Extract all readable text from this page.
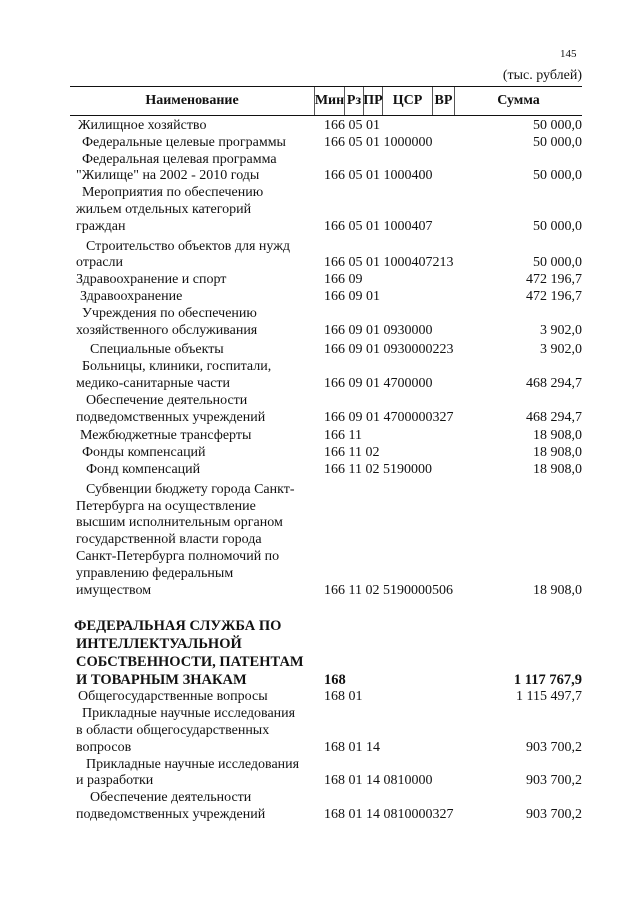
145
(тыс. рублей)
Наименование	Мин Рз ПР ЦСР ВР	Сумма
Жилищное хозяйство	166 05 01	50 000,0
Федеральные целевые программы	166 05 01 1000000	50 000,0
Федеральная целевая программа
"Жилище" на 2002 - 2010 годы	166 05 01 1000400	50 000,0
Мероприятия по обеспечению
жильем отдельных категорий
граждан	166 05 01 1000407	50 000,0
Строительство объектов для нужд
отрасли	166 05 01 1000407213	50 000,0
Здравоохранение и спорт	166 09	472 196,7
Здравоохранение	166 09 01	472 196,7
Учреждения по обеспечению
хозяйственного обслуживания	166 09 01 0930000	3 902,0
Специальные объекты	166 09 01 0930000223	3 902,0
Больницы, клиники, госпитали,
медико-санитарные части	166 09 01 4700000	468 294,7
Обеспечение деятельности
подведомственных учреждений	166 09 01 4700000327	468 294,7
Межбюджетные трансферты	166 11	18 908,0
Фонды компенсаций	166 11 02	18 908,0
Фонд компенсаций	166 11 02 5190000	18 908,0
Субвенции бюджету города Санкт-
Петербурга на осуществление
высшим исполнительным органом
государственной власти города
Санкт-Петербурга полномочий по
управлению федеральным
имуществом	166 11 02 5190000506	18 908,0
ФЕДЕРАЛЬНАЯ СЛУЖБА ПО
ИНТЕЛЛЕКТУАЛЬНОЙ
СОБСТВЕННОСТИ, ПАТЕНТАМ
И ТОВАРНЫМ ЗНАКАМ	168	1 117 767,9
Общегосударственные вопросы	168 01	1 115 497,7
Прикладные научные исследования
в области общегосударственных
вопросов	168 01 14	903 700,2
Прикладные научные исследования
и разработки	168 01 14 0810000	903 700,2
Обеспечение деятельности
подведомственных учреждений	168 01 14 0810000327	903 700,2
